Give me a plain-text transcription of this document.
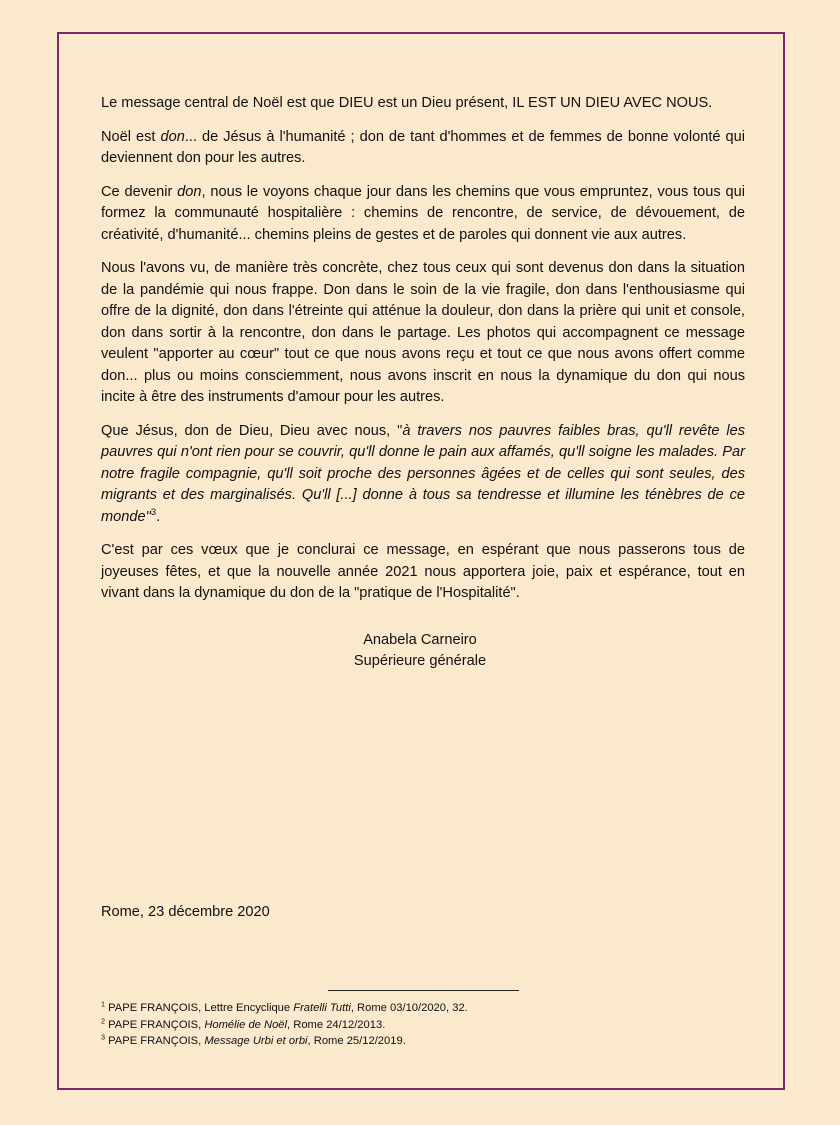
Le message central de Noël est que DIEU est un Dieu présent, IL EST UN DIEU AVEC NOUS.

Noël est don... de Jésus à l'humanité ; don de tant d'hommes et de femmes de bonne volonté qui deviennent don pour les autres.

Ce devenir don, nous le voyons chaque jour dans les chemins que vous empruntez, vous tous qui formez la communauté hospitalière : chemins de rencontre, de service, de dévouement, de créativité, d'humanité... chemins pleins de gestes et de paroles qui donnent vie aux autres.

Nous l'avons vu, de manière très concrète, chez tous ceux qui sont devenus don dans la situation de la pandémie qui nous frappe. Don dans le soin de la vie fragile, don dans l'enthousiasme qui offre de la dignité, don dans l'étreinte qui atténue la douleur, don dans la prière qui unit et console, don dans sortir à la rencontre, don dans le partage. Les photos qui accompagnent ce message veulent "apporter au cœur" tout ce que nous avons reçu et tout ce que nous avons offert comme don... plus ou moins consciemment, nous avons inscrit en nous la dynamique du don qui nous incite à être des instruments d'amour pour les autres.

Que Jésus, don de Dieu, Dieu avec nous, "à travers nos pauvres faibles bras, qu'll revête les pauvres qui n'ont rien pour se couvrir, qu'll donne le pain aux affamés, qu'll soigne les malades. Par notre fragile compagnie, qu'll soit proche des personnes âgées et de celles qui sont seules, des migrants et des marginalisés. Qu'll [...] donne à tous sa tendresse et illumine les ténèbres de ce monde"$^3$.

C'est par ces vœux que je conclurai ce message, en espérant que nous passerons tous de joyeuses fêtes, et que la nouvelle année 2021 nous apportera joie, paix et espérance, tout en vivant dans la dynamique du don de la "pratique de l'Hospitalité".

Anabela Carneiro
Supérieure générale
Rome, 23 décembre 2020
$^1$ PAPE FRANÇOIS, Lettre Encyclique Fratelli Tutti, Rome 03/10/2020, 32.
$^2$ PAPE FRANÇOIS, Homélie de Noël, Rome 24/12/2013.
$^3$ PAPE FRANÇOIS, Message Urbi et orbi, Rome 25/12/2019.
